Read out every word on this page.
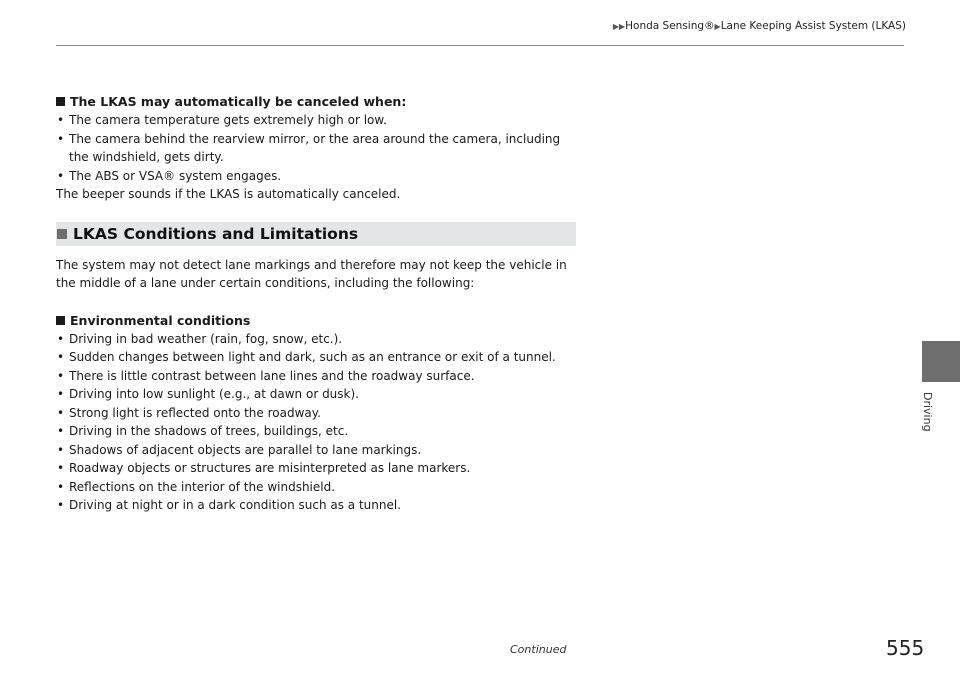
▶▶Honda Sensing®▶Lane Keeping Assist System (LKAS)
Driving
The LKAS may automatically be canceled when:
• The camera temperature gets extremely high or low.
• The camera behind the rearview mirror, or the area around the camera, including the windshield, gets dirty.
• The ABS or VSA® system engages.

The beeper sounds if the LKAS is automatically canceled.

LKAS Conditions and Limitations

The system may not detect lane markings and therefore may not keep the vehicle in the middle of a lane under certain conditions, including the following:

Environmental conditions
• Driving in bad weather (rain, fog, snow, etc.).
• Sudden changes between light and dark, such as an entrance or exit of a tunnel.
• There is little contrast between lane lines and the roadway surface.
• Driving into low sunlight (e.g., at dawn or dusk).
• Strong light is reflected onto the roadway.
• Driving in the shadows of trees, buildings, etc.
• Shadows of adjacent objects are parallel to lane markings.
• Roadway objects or structures are misinterpreted as lane markers.
• Reflections on the interior of the windshield.
• Driving at night or in a dark condition such as a tunnel.
Continued	555
